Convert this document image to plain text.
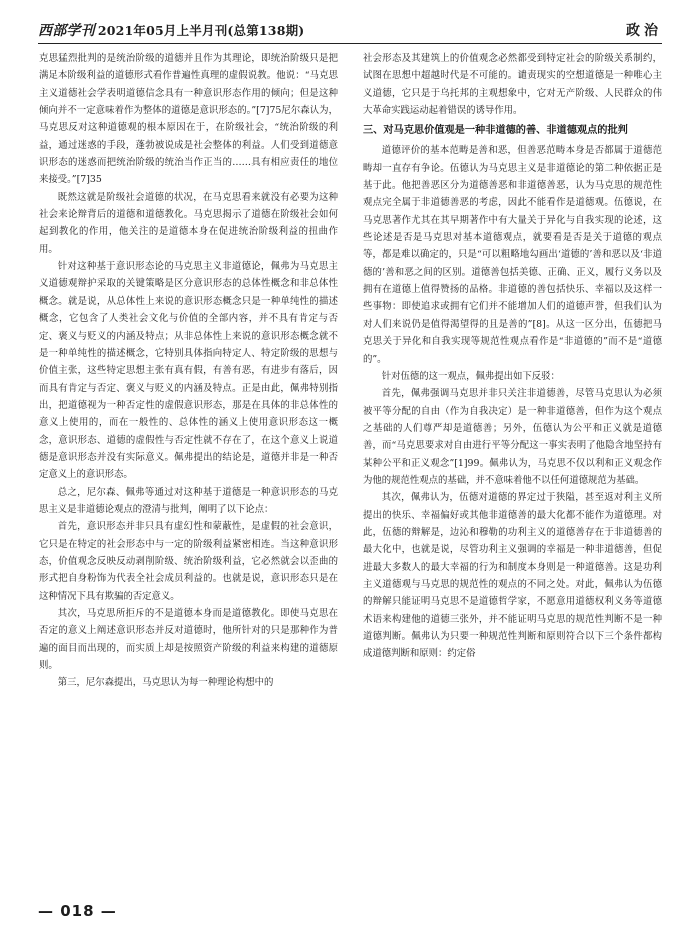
西部学刊 2021年05月上半月刊(总第138期)	政治

克思猛烈批判的是统治阶级的道德并且作为其理论，即统治阶级只是把满足本阶级利益的道德形式看作普遍性真理的虚假说教。他说：“马克思主义道德社会学表明道德信念具有一种意识形态作用的倾向；但是这种倾向并不一定意味着作为整体的道德是意识形态的。”[7]75尼尔森认为，马克思反对这种道德观的根本原因在于，在阶级社会，“统治阶级的利益，通过迷惑的手段，蓬勃被说成是社会整体的利益。人们受到道德意识形态的迷惑而把统治阶级的统治当作正当的……具有相应责任的地位来接受。”[7]35

既然这就是阶级社会道德的状况，在马克思看来就没有必要为这种社会来论辩背后的道德和道德教化。马克思揭示了道德在阶级社会如何起到教化的作用，他关注的是道德本身在促进统治阶级利益的扭曲作用。

针对这种基于意识形态论的马克思主义非道德论，佩弗为马克思主义道德观辩护采取的关键策略是区分意识形态的总体性概念和非总体性概念。就是说，从总体性上来说的意识形态概念只是一种单纯性的描述概念，它包含了人类社会文化与价值的全部内容，并不具有肯定与否定、褒义与贬义的内涵及特点；从非总体性上来说的意识形态概念就不是一种单纯性的描述概念，它特别具体指向特定人、特定阶级的思想与价值主张，这些特定思想主张有真有假，有善有恶，有进步有落后，因而具有肯定与否定、褒义与贬义的内涵及特点。正是由此，佩弗特别指出，把道德视为一种否定性的虚假意识形态，那是在具体的非总体性的意义上使用的，而在一般性的、总体性的涵义上使用意识形态这一概念，意识形态、道德的虚假性与否定性就不存在了，在这个意义上说道德是意识形态并没有实际意义。佩弗提出的结论是，道德并非是一种否定意义上的意识形态。

总之，尼尔森、佩弗等通过对这种基于道德是一种意识形态的马克思主义是非道德论观点的澄清与批判，阐明了以下论点：

首先，意识形态并非只具有虚幻性和蒙蔽性，是虚假的社会意识，它只是在特定的社会形态中与一定的阶级利益紧密相连。当这种意识形态，价值观念反映反动剥削阶级、统治阶级利益，它必然就会以歪曲的形式把自身粉饰为代表全社会成员利益的。也就是说，意识形态只是在这种情况下具有欺骗的否定意义。

其次，马克思所拒斥的不是道德本身而是道德教化。即使马克思在否定的意义上阐述意识形态并反对道德时，他所针对的只是那种作为普遍的面目而出现的，而实质上却是按照资产阶级的利益来构建的道德原则。

第三，尼尔森提出，马克思认为每一种理论构想中的

社会形态及其建筑上的价值观念必然都受到特定社会的阶级关系制约，试图在思想中超越时代是不可能的。谴责现实的空想道德是一种唯心主义道德，它只是于乌托邦的主观想象中，它对无产阶级、人民群众的伟大革命实践运动起着错误的诱导作用。

三、对马克思价值观是一种非道德的善、非道德观点的批判

道德评价的基本范畴是善和恶，但善恶范畴本身是否都属于道德范畴却一直存有争论。伍德认为马克思主义是非道德论的第二种依据正是基于此。他把善恶区分为道德善恶和非道德善恶，认为马克思的规范性观点完全属于非道德善恶的考虑，因此不能看作是道德观。伍德说，在马克思著作尤其在其早期著作中有大量关于异化与自我实现的论述，这些论述是否是马克思对基本道德观点，就要看是否是关于道德的观点等，都是难以确定的，只是“可以粗略地勾画出‘道德的’善和恶以及‘非道德的’善和恶之间的区别。道德善包括美德、正确、正义，履行义务以及拥有在道德上值得赞扬的品格。非道德的善包括快乐、幸福以及这样一些事物：即使追求或拥有它们并不能增加人们的道德声誉，但我们认为对人们来说仍是值得渴望得的且是善的”[8]。从这一区分出，伍德把马克思关于异化和自我实现等规范性观点看作是“非道德的”而不是“道德的”。

针对伍德的这一观点，佩弗提出如下反驳：

首先，佩弗强调马克思并非只关注非道德善，尽管马克思认为必须被平等分配的自由（作为自我决定）是一种非道德善，但作为这个观点之基础的人们尊严却是道德善；另外，伍德认为公平和正义就是道德善，而“马克思要求对自由进行平等分配这一事实表明了他隐含地坚持有某种公平和正义观念”[1]99。佩弗认为，马克思不仅以利和正义观念作为他的规范性观点的基础，并不意味着他不以任何道德规范为基础。

其次，佩弗认为，伍德对道德的界定过于狭隘，甚至返对利主义所提出的快乐、幸福偏好或其他非道德善的最大化都不能作为道德理。对此，伍德的辩解是，边沁和穆勒的功利主义的道德善存在于非道德善的最大化中，也就是说，尽管功利主义强调的幸福是一种非道德善，但促进最大多数人的最大幸福的行为和制度本身则是一种道德善。这是功利主义道德观与马克思的规范性的观点的不同之处。对此，佩弗认为伍德的辩解只能证明马克思不是道德哲学家，不愿意用道德权利义务等道德术语来构建他的道德三张外，并不能证明马克思的规范性判断不是一种道德判断。佩弗认为只要一种规范性判断和原则符合以下三个条件都构成道德判断和原则：约定俗

— 018 —
